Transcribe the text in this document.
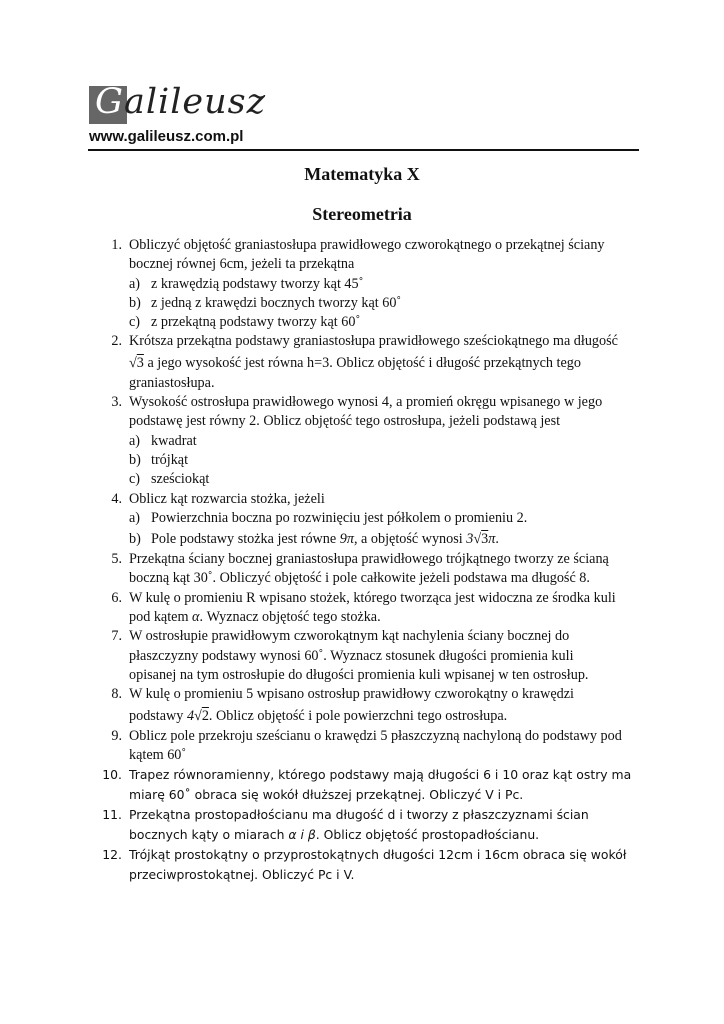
Galileusz
www.galileusz.com.pl
Matematyka X
Stereometria
1. Obliczyć objętość graniastosłupa prawidłowego czworokątnego o przekątnej ściany
bocznej równej 6cm, jeżeli ta przekątna
a) z krawędzią podstawy tworzy kąt 45˚
b) z jedną z krawędzi bocznych tworzy kąt 60˚
c) z przekątną podstawy tworzy kąt 60˚
2. Krótsza przekątna podstawy graniastosłupa prawidłowego sześciokątnego ma długość
√3 a jego wysokość jest równa h=3. Oblicz objętość i długość przekątnych tego
graniastosłupa.
3. Wysokość ostrosłupa prawidłowego wynosi 4, a promień okręgu wpisanego w jego
podstawę jest równy 2. Oblicz objętość tego ostrosłupa, jeżeli podstawą jest
a) kwadrat
b) trójkąt
c) sześciokąt
4. Oblicz kąt rozwarcia stożka, jeżeli
a) Powierzchnia boczna po rozwinięciu jest półkolem o promieniu 2.
b) Pole podstawy stożka jest równe 9π, a objętość wynosi 3√3π.
5. Przekątna ściany bocznej graniastosłupa prawidłowego trójkątnego tworzy ze ścianą
boczną kąt 30˚. Obliczyć objętość i pole całkowite jeżeli podstawa ma długość 8.
6. W kulę o promieniu R wpisano stożek, którego tworząca jest widoczna ze środka kuli
pod kątem α. Wyznacz objętość tego stożka.
7. W ostrosłupie prawidłowym czworokątnym kąt nachylenia ściany bocznej do
płaszczyzny podstawy wynosi 60˚. Wyznacz stosunek długości promienia kuli
opisanej na tym ostrosłupie do długości promienia kuli wpisanej w ten ostrosłup.
8. W kulę o promieniu 5 wpisano ostrosłup prawidłowy czworokątny o krawędzi
podstawy 4√2. Oblicz objętość i pole powierzchni tego ostrosłupa.
9. Oblicz pole przekroju sześcianu o krawędzi 5 płaszczyzną nachyloną do podstawy pod
kątem 60˚
10. Trapez równoramienny, którego podstawy mają długości 6 i 10 oraz kąt ostry ma
miarę 60˚ obraca się wokół dłuższej przekątnej. Obliczyć V i Pc.
11. Przekątna prostopadłościanu ma długość d i tworzy z płaszczyznami ścian
bocznych kąty o miarach α i β. Oblicz objętość prostopadłościanu.
12. Trójkąt prostokątny o przyprostokątnych długości 12cm i 16cm obraca się wokół
przeciwprostokątnej. Obliczyć Pc i V.
